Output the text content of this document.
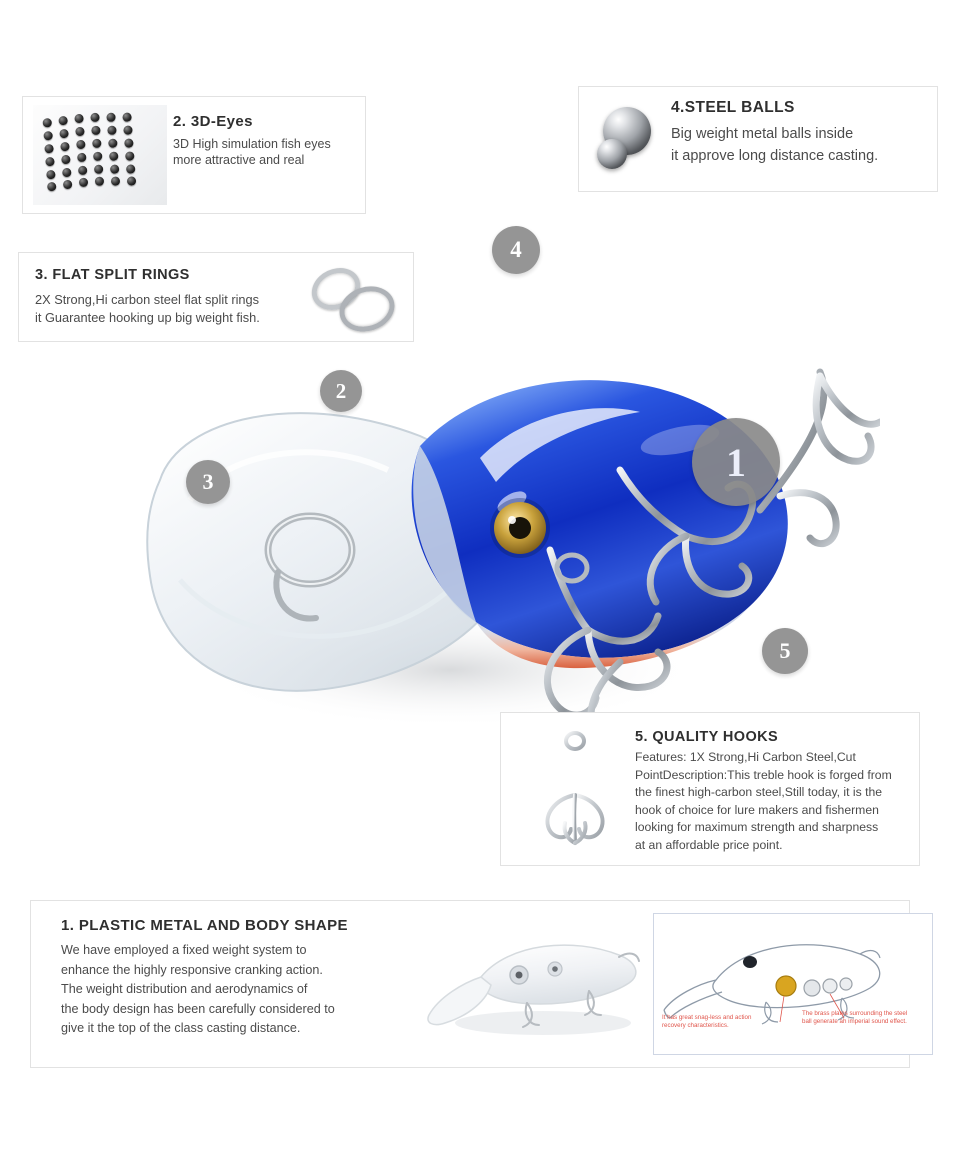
1
2
3
4
5
2. 3D-Eyes
3D High simulation fish eyes
more attractive and real
4.STEEL BALLS
Big weight metal balls inside
it approve long distance casting.
3. FLAT SPLIT RINGS
2X Strong,Hi carbon steel flat split rings
it Guarantee hooking up big weight fish.
5. QUALITY HOOKS
Features: 1X Strong,Hi Carbon Steel,Cut
PointDescription:This treble hook is forged from
the finest high-carbon steel,Still today, it is the
hook of choice for lure makers and fishermen
looking for maximum strength and sharpness
at an affordable price point.
1. PLASTIC METAL AND BODY SHAPE
We have employed a fixed weight system to
enhance the highly responsive cranking action.
The weight distribution and aerodynamics of
the body design has been carefully considered to
give it the top of the class casting distance.
It has great snag-less and action recovery characteristics.
The brass plates surrounding the steel ball generate ah imperial sound effect.
